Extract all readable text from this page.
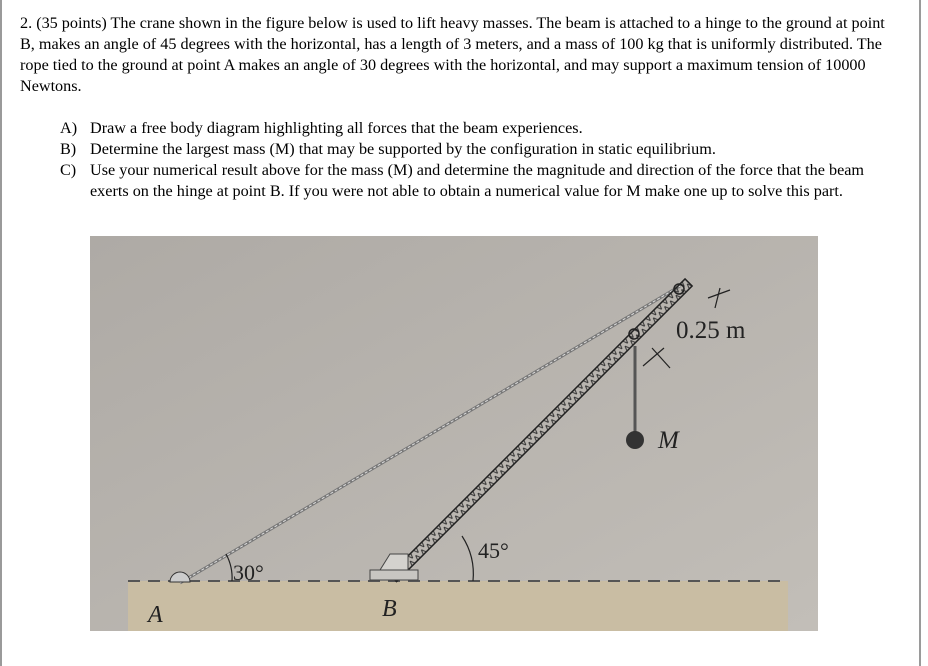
2. (35 points) The crane shown in the figure below is used to lift heavy masses. The beam is attached to a hinge to the ground at point B, makes an angle of 45 degrees with the horizontal, has a length of 3 meters, and a mass of 100 kg that is uniformly distributed. The rope tied to the ground at point A makes an angle of 30 degrees with the horizontal, and may support a maximum tension of 10000 Newtons.
A) Draw a free body diagram highlighting all forces that the beam experiences.
B) Determine the largest mass (M) that may be supported by the configuration in static equilibrium.
C) Use your numerical result above for the mass (M) and determine the magnitude and direction of the force that the beam exerts on the hinge at point B. If you were not able to obtain a numerical value for M make one up to solve this part.
0.25 m
M
45°
30°
A	B
